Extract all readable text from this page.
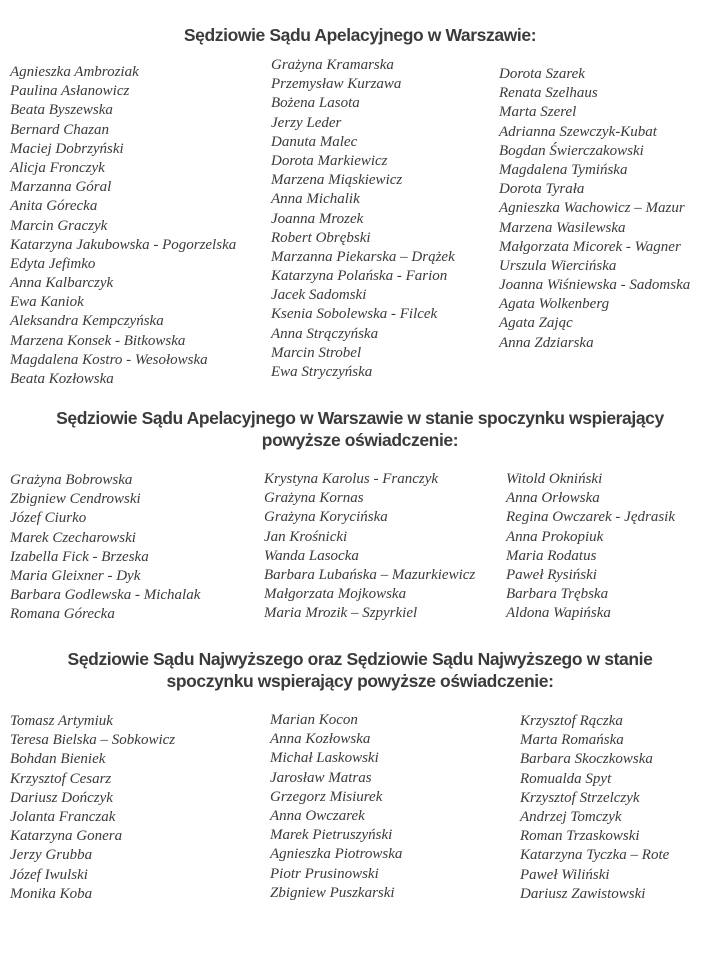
Sędziowie Sądu Apelacyjnego w Warszawie:
Agnieszka Ambroziak
Paulina Asłanowicz
Beata Byszewska
Bernard Chazan
Maciej Dobrzyński
Alicja Fronczyk
Marzanna Góral
Anita Górecka
Marcin Graczyk
Katarzyna Jakubowska - Pogorzelska
Edyta Jefimko
Anna Kalbarczyk
Ewa Kaniok
Aleksandra Kempczyńska
Marzena Konsek - Bitkowska
Magdalena Kostro - Wesołowska
Beata Kozłowska
Grażyna Kramarska
Przemysław Kurzawa
Bożena Lasota
Jerzy Leder
Danuta Malec
Dorota Markiewicz
Marzena Miąskiewicz
Anna Michalik
Joanna Mrozek
Robert Obrębski
Marzanna Piekarska – Drążek
Katarzyna Polańska - Farion
Jacek Sadomski
Ksenia Sobolewska - Filcek
Anna Strączyńska
Marcin Strobel
Ewa Stryczyńska
Dorota Szarek
Renata Szelhaus
Marta Szerel
Adrianna Szewczyk-Kubat
Bogdan Świerczakowski
Magdalena Tymińska
Dorota Tyrała
Agnieszka Wachowicz – Mazur
Marzena Wasilewska
Małgorzata Micorek - Wagner
Urszula Wiercińska
Joanna Wiśniewska - Sadomska
Agata Wolkenberg
Agata Zając
Anna Zdziarska
Sędziowie Sądu Apelacyjnego w Warszawie w stanie spoczynku wspierający
powyższe oświadczenie:
Grażyna Bobrowska
Zbigniew Cendrowski
Józef Ciurko
Marek Czecharowski
Izabella Fick - Brzeska
Maria Gleixner - Dyk
Barbara Godlewska - Michalak
Romana Górecka
Krystyna Karolus - Franczyk
Grażyna Kornas
Grażyna Korycińska
Jan Krośnicki
Wanda Lasocka
Barbara Lubańska – Mazurkiewicz
Małgorzata Mojkowska
Maria Mrozik – Szpyrkiel
Witold Okniński
Anna Orłowska
Regina Owczarek - Jędrasik
Anna Prokopiuk
Maria Rodatus
Paweł Rysiński
Barbara Trębska
Aldona Wapińska
Sędziowie Sądu Najwyższego oraz Sędziowie Sądu Najwyższego w stanie
spoczynku wspierający powyższe oświadczenie:
Tomasz Artymiuk
Teresa Bielska – Sobkowicz
Bohdan Bieniek
Krzysztof Cesarz
Dariusz Dończyk
Jolanta Franczak
Katarzyna Gonera
Jerzy Grubba
Józef Iwulski
Monika Koba
Marian Kocon
Anna Kozłowska
Michał Laskowski
Jarosław Matras
Grzegorz Misiurek
Anna Owczarek
Marek Pietruszyński
Agnieszka Piotrowska
Piotr Prusinowski
Zbigniew Puszkarski
Krzysztof Rączka
Marta Romańska
Barbara Skoczkowska
Romualda Spyt
Krzysztof Strzelczyk
Andrzej Tomczyk
Roman Trzaskowski
Katarzyna Tyczka – Rote
Paweł Wiliński
Dariusz Zawistowski
